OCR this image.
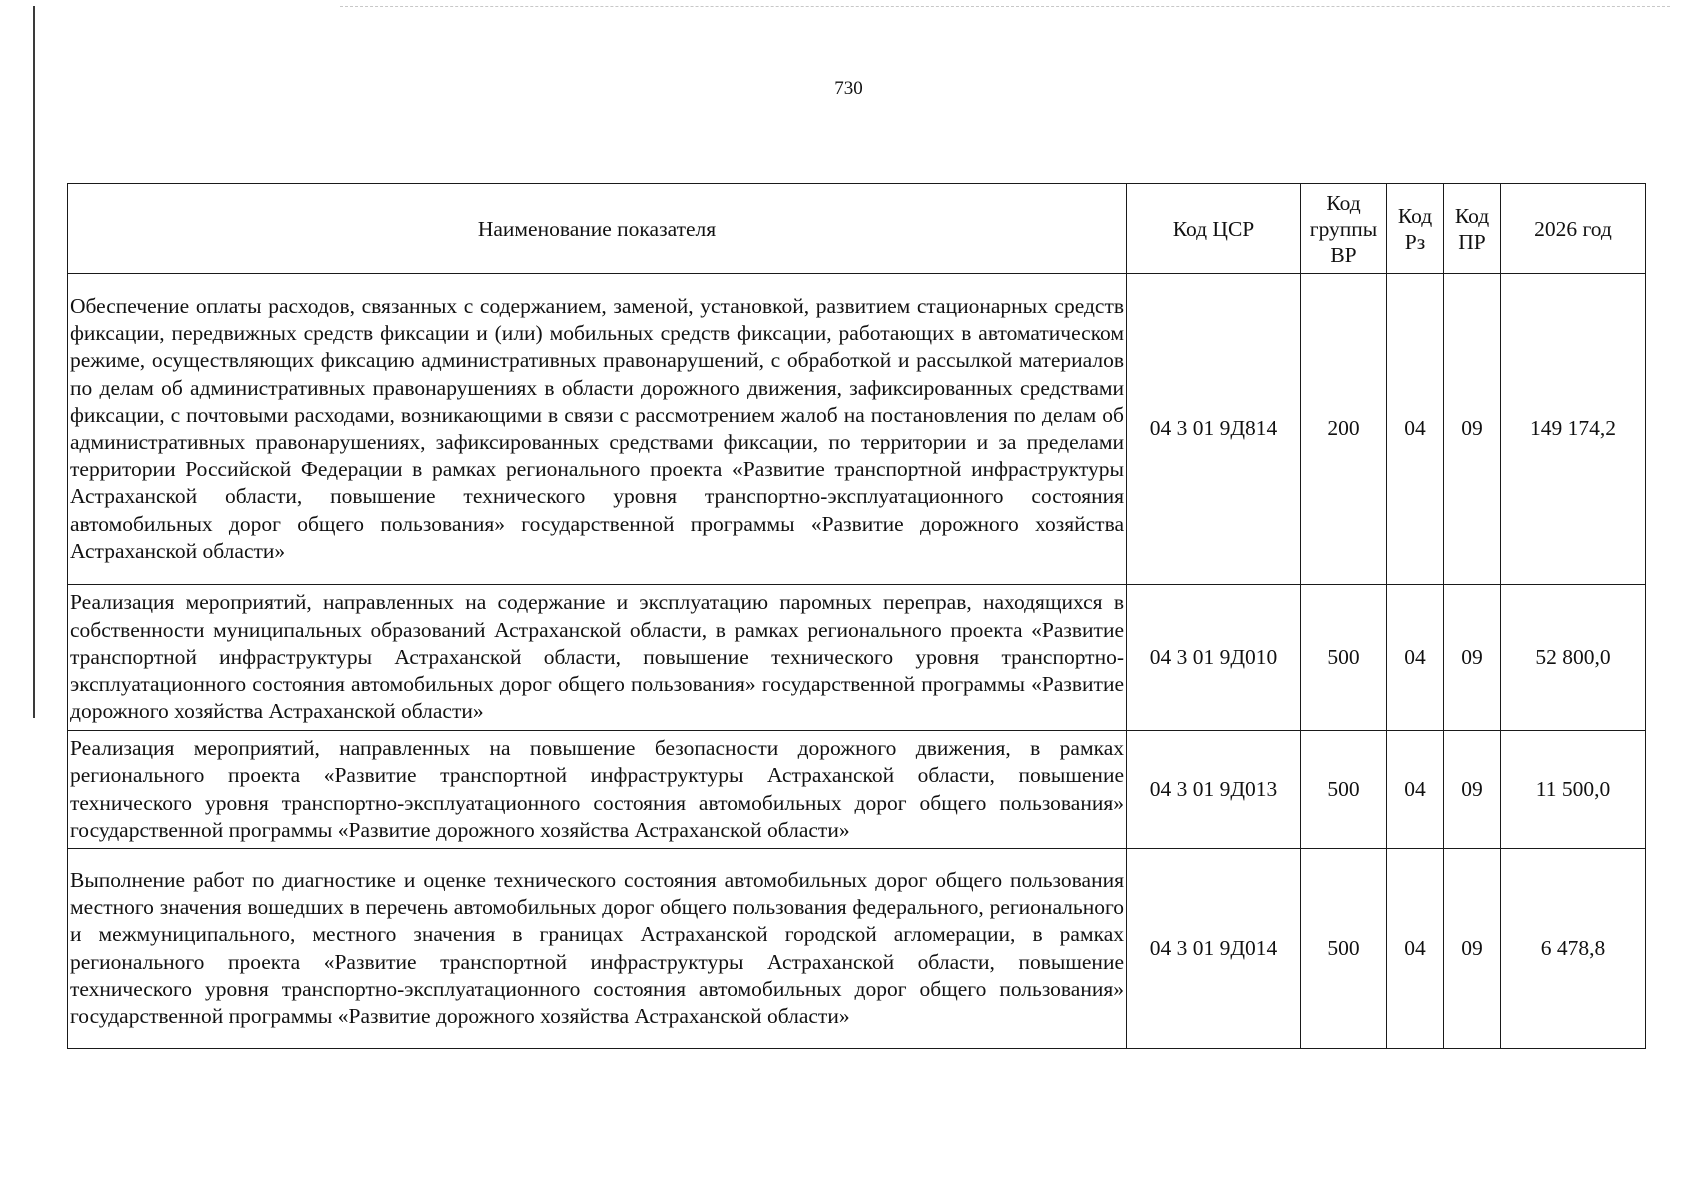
730
Наименование показателя	Код ЦСР	Код группы ВР	Код Рз	Код ПР	2026 год
Обеспечение оплаты расходов, связанных с содержанием, заменой, установкой, развитием стационарных средств фиксации, передвижных средств фиксации и (или) мобильных средств фиксации, работающих в автоматическом режиме, осуществляющих фиксацию административных правонарушений, с обработкой и рассылкой материалов по делам об административных правонарушениях в области дорожного движения, зафиксированных средствами фиксации, с почтовыми расходами, возникающими в связи с рассмотрением жалоб на постановления по делам об административных правонарушениях, зафиксированных средствами фиксации, по территории и за пределами территории Российской Федерации в рамках регионального проекта «Развитие транспортной инфраструктуры Астраханской области, повышение технического уровня транспортно-эксплуатационного состояния автомобильных дорог общего пользования» государственной программы «Развитие дорожного хозяйства Астраханской области»	04 3 01 9Д814	200	04	09	149 174,2
Реализация мероприятий, направленных на содержание и эксплуатацию паромных переправ, находящихся в собственности муниципальных образований Астраханской области, в рамках регионального проекта «Развитие транспортной инфраструктуры Астраханской области, повышение технического уровня транспортно-эксплуатационного состояния автомобильных дорог общего пользования» государственной программы «Развитие дорожного хозяйства Астраханской области»	04 3 01 9Д010	500	04	09	52 800,0
Реализация мероприятий, направленных на повышение безопасности дорожного движения, в рамках регионального проекта «Развитие транспортной инфраструктуры Астраханской области, повышение технического уровня транспортно-эксплуатационного состояния автомобильных дорог общего пользования» государственной программы «Развитие дорожного хозяйства Астраханской области»	04 3 01 9Д013	500	04	09	11 500,0
Выполнение работ по диагностике и оценке технического состояния автомобильных дорог общего пользования местного значения вошедших в перечень автомобильных дорог общего пользования федерального, регионального и межмуниципального, местного значения в границах Астраханской городской агломерации, в рамках регионального проекта «Развитие транспортной инфраструктуры Астраханской области, повышение технического уровня транспортно-эксплуатационного состояния автомобильных дорог общего пользования» государственной программы «Развитие дорожного хозяйства Астраханской области»	04 3 01 9Д014	500	04	09	6 478,8
